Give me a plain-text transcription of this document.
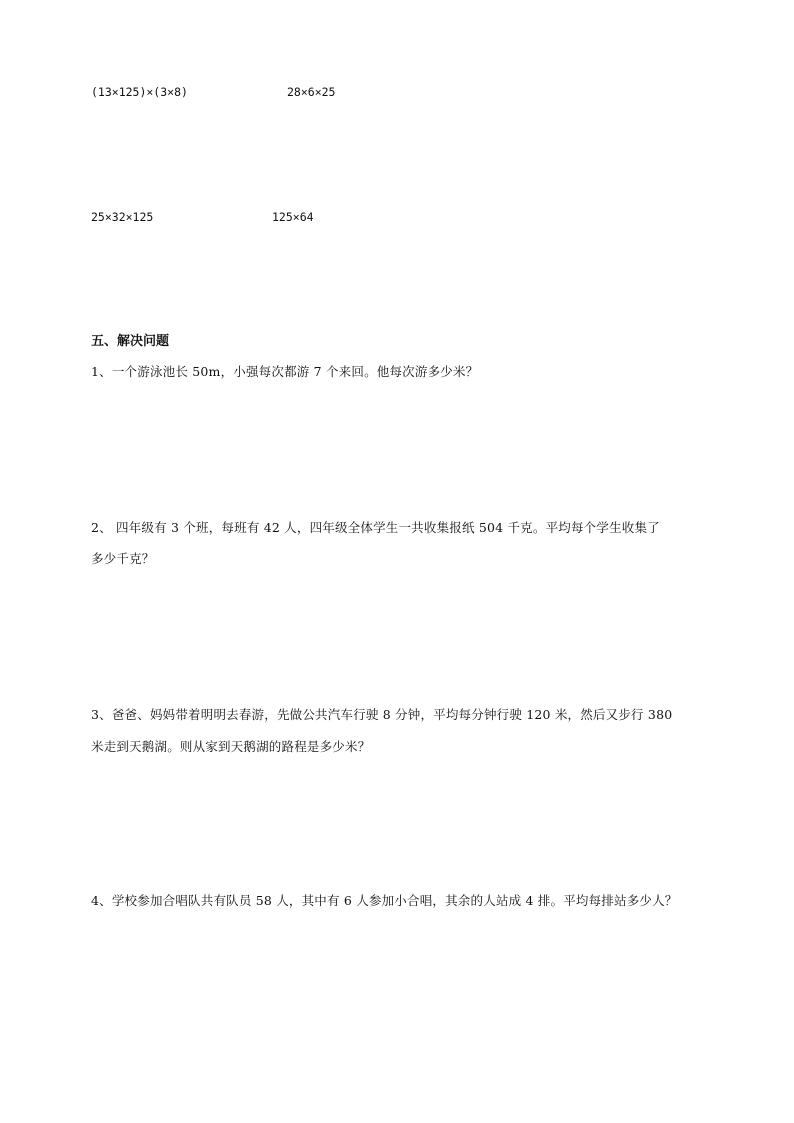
(13×125)×(3×8)	28×6×25
25×32×125	125×64
五、解决问题
1、一个游泳池长 50m，小强每次都游 7 个来回。他每次游多少米？
2、 四年级有 3 个班，每班有 42 人，四年级全体学生一共收集报纸 504 千克。平均每个学生收集了
多少千克？
3、爸爸、妈妈带着明明去春游，先做公共汽车行驶 8 分钟，平均每分钟行驶 120 米，然后又步行 380
米走到天鹅湖。则从家到天鹅湖的路程是多少米？
4、学校参加合唱队共有队员 58 人，其中有 6 人参加小合唱，其余的人站成 4 排。平均每排站多少人？
